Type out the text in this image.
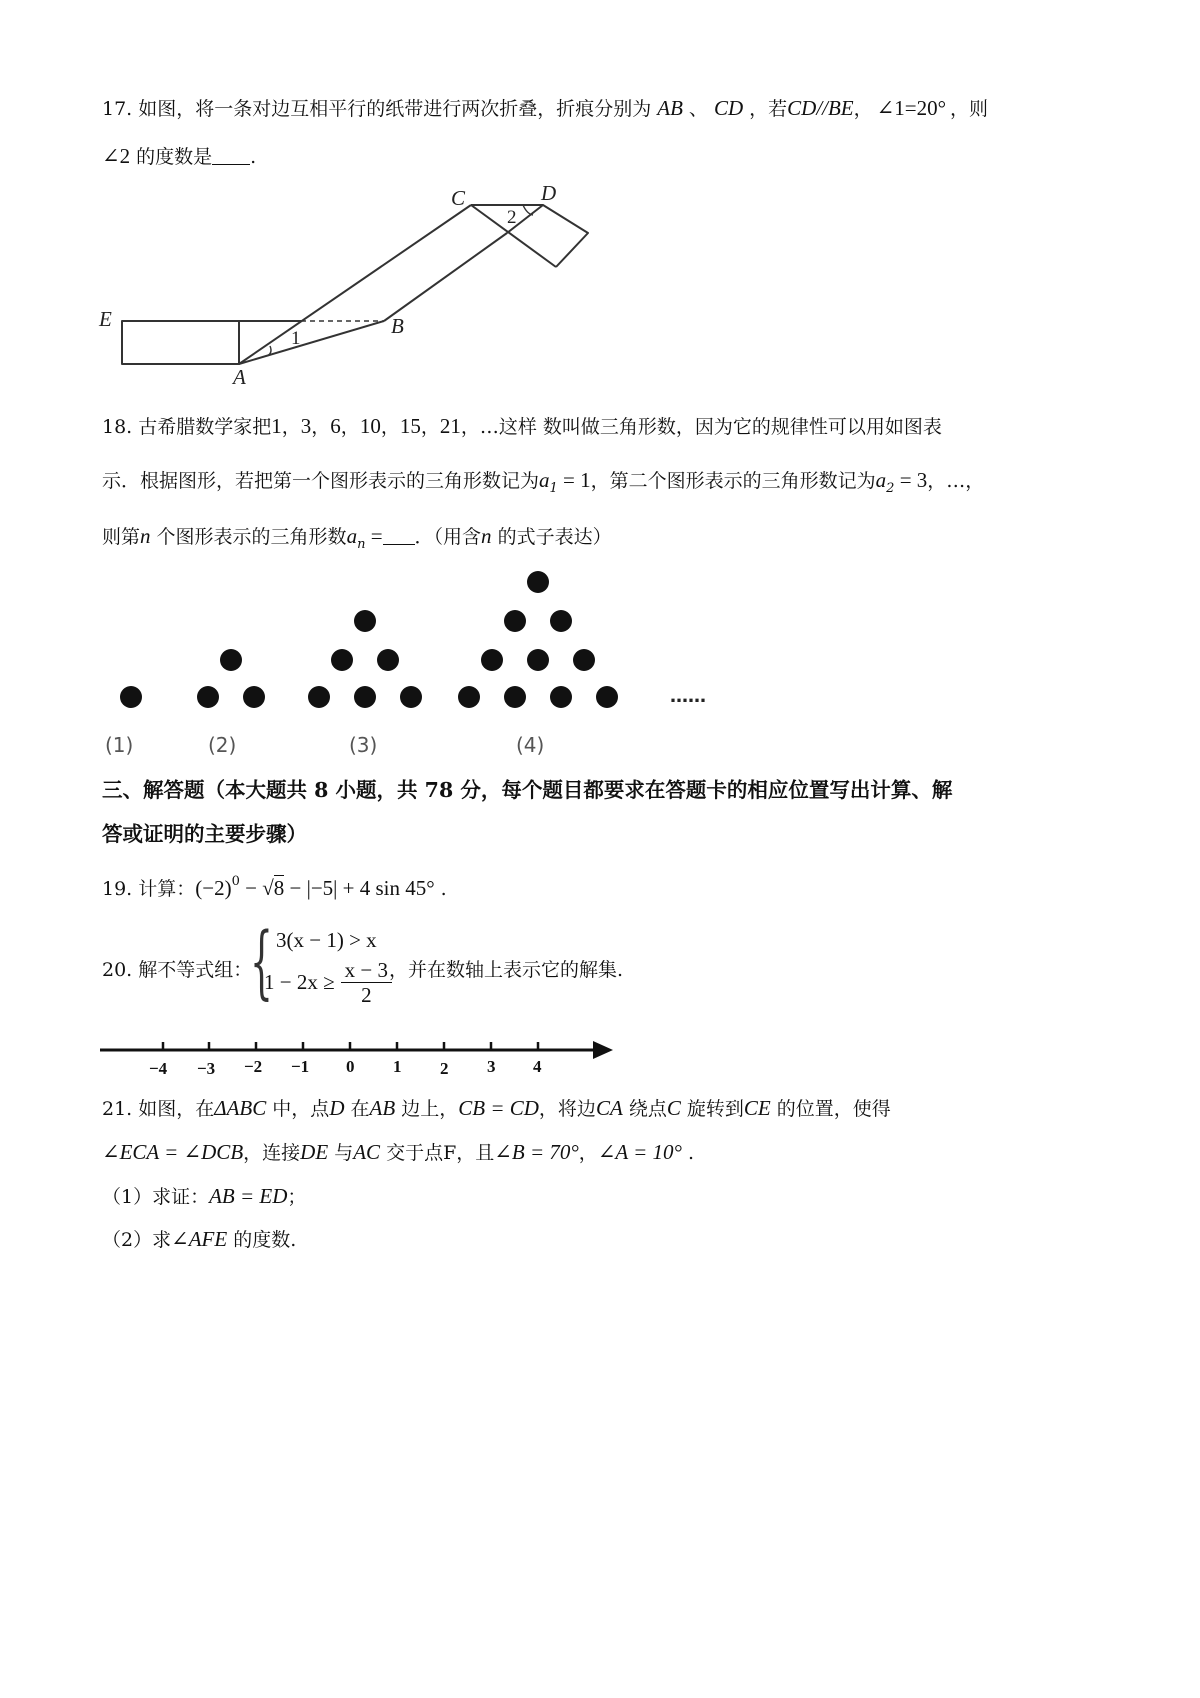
17. 如图，将一条对边互相平行的纸带进行两次折叠，折痕分别为 AB 、 CD ，若CD//BE， ∠1=20° ，则
∠2 的度数是 .
C	D
E
A
B
1
2
18. 古希腊数学家把1，3，6，10，15，21，…这样 数叫做三角形数，因为它的规律性可以用如图表
示．根据图形，若把第一个图形表示的三角形数记为$a_1 = 1$，第二个图形表示的三角形数记为$a_2 = 3$，…，
则第n 个图形表示的三角形数$a_n$ = ．（用含n 的式子表达）
……
(1)	(2)	(3)	(4)
三、解答题（本大题共 8 小题，共 78 分，每个题目都要求在答题卡的相应位置写出计算、解
答或证明的主要步骤）
19. 计算：$(-2)^0 - √8 - |-5| + 4$ sin 45° .
20. 解不等式组：
{ 3(x − 1) > x
$1 - 2x \ge \frac{x - 3}{2}$
，并在数轴上表示它的解集.
−4 −3 −2 −1 0 1 2 3 4
21. 如图，在ΔABC 中，点D 在AB 边上，CB = CD，将边CA 绕点C 旋转到CE 的位置，使得
∠ECA = ∠DCB，连接DE 与AC 交于点F，且∠B = 70°，∠A = 10° .
（1）求证：AB = ED；
（2）求∠AFE 的度数.
